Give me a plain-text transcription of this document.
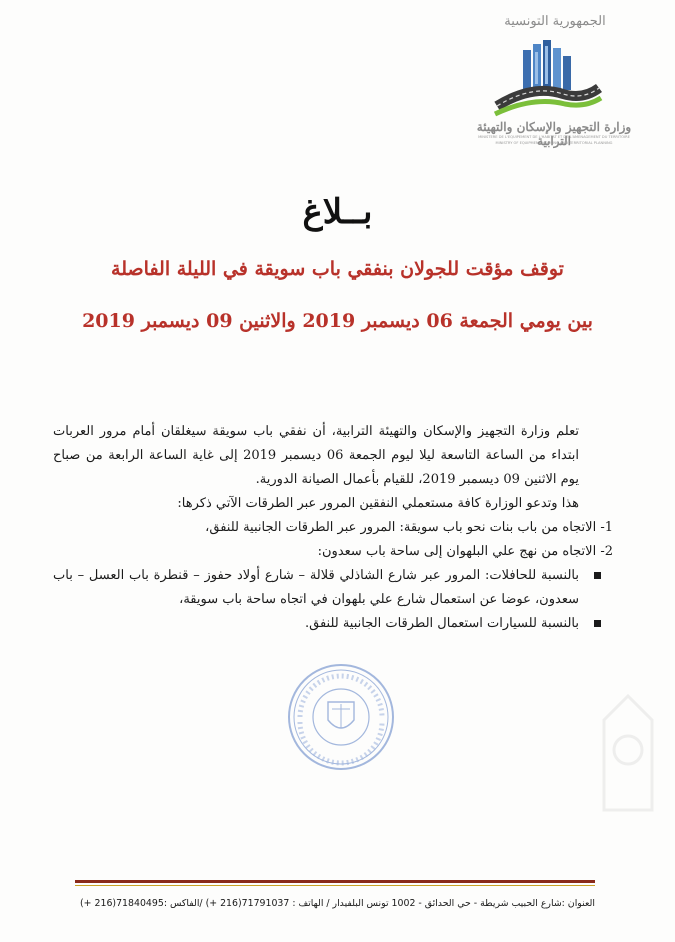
الجمهورية التونسية
وزارة التجهيز والإسكان والتهيئة الترابية
MINISTERE DE L'EQUIPEMENT DE L'HABITAT ET DE L'AMENAGEMENT DU TERRITOIRE
MINISTRY OF EQUIPMENT HOUSING AND TERRITORIAL PLANNING
بــلاغ
توقف مؤقت للجولان بنفقي باب سويقة في الليلة الفاصلة
بين يومي الجمعة 06 ديسمبر 2019 والاثنين 09 ديسمبر 2019

تعلم وزارة التجهيز والإسكان والتهيئة الترابية، أن نفقي باب سويقة سيغلقان أمام مرور العربات ابتداء من الساعة التاسعة ليلا ليوم الجمعة 06 ديسمبر 2019 إلى غاية الساعة الرابعة من صباح يوم الاثنين 09 ديسمبر 2019، للقيام بأعمال الصيانة الدورية.

هذا وتدعو الوزارة كافة مستعملي النفقين المرور عبر الطرقات الآتي ذكرها:

1- الاتجاه من باب بنات نحو باب سويقة: المرور عبر الطرقات الجانبية للنفق،

2- الاتجاه من نهج علي البلهوان إلى ساحة باب سعدون:

بالنسبة للحافلات: المرور عبر شارع الشاذلي قلالة – شارع أولاد حفوز – قنطرة باب العسل – باب سعدون، عوضا عن استعمال شارع علي بلهوان في اتجاه ساحة باب سويقة،
بالنسبة للسيارات استعمال الطرقات الجانبية للنفق.
العنوان :شارع الحبيب شريطة - حي الحدائق - 1002 تونس البلفيدار / الهاتف : 71791037(216 +) /الفاكس :71840495(216 +)
